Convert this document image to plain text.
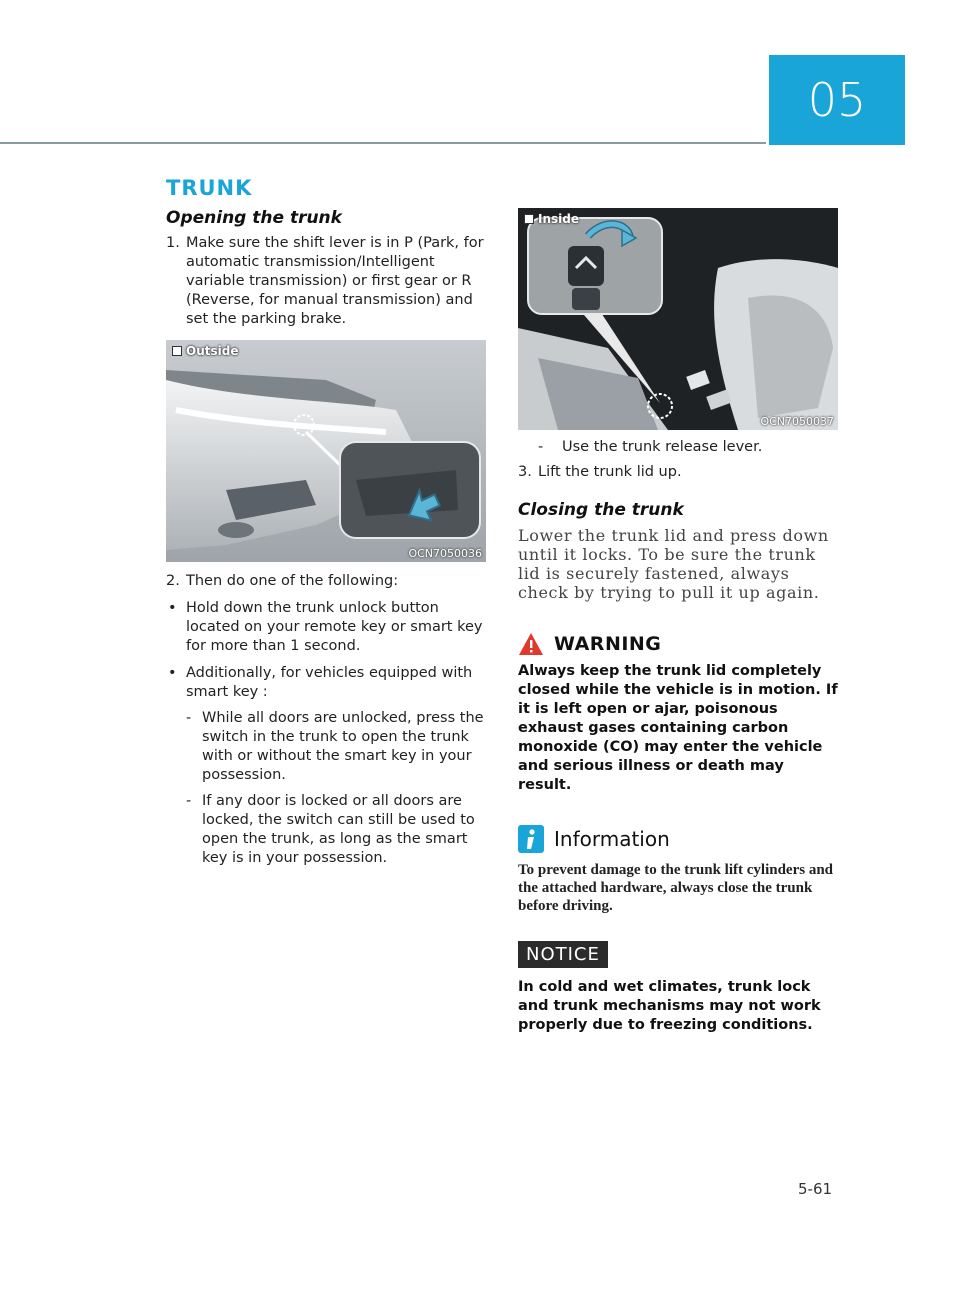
05
TRUNK
Opening the trunk
1. Make sure the shift lever is in P (Park, for automatic transmission/Intelligent variable transmission) or first gear or R (Reverse, for manual transmission) and set the parking brake.
Outside
OCN7050036
2. Then do one of the following:
• Hold down the trunk unlock button located on your remote key or smart key for more than 1 second.
• Additionally, for vehicles equipped with smart key :
- While all doors are unlocked, press the switch in the trunk to open the trunk with or without the smart key in your possession.
- If any door is locked or all doors are locked, the switch can still be used to open the trunk, as long as the smart key is in your possession.
Inside
OCN7050037
-	Use the trunk release lever.
3. Lift the trunk lid up.
Closing the trunk
Lower the trunk lid and press down until it locks. To be sure the trunk lid is securely fastened, always check by trying to pull it up again.
WARNING
Always keep the trunk lid completely closed while the vehicle is in motion. If it is left open or ajar, poisonous exhaust gases containing carbon monoxide (CO) may enter the vehicle and serious illness or death may result.
Information
To prevent damage to the trunk lift cylinders and the attached hardware, always close the trunk before driving.
NOTICE
In cold and wet climates, trunk lock and trunk mechanisms may not work properly due to freezing conditions.
5-61
